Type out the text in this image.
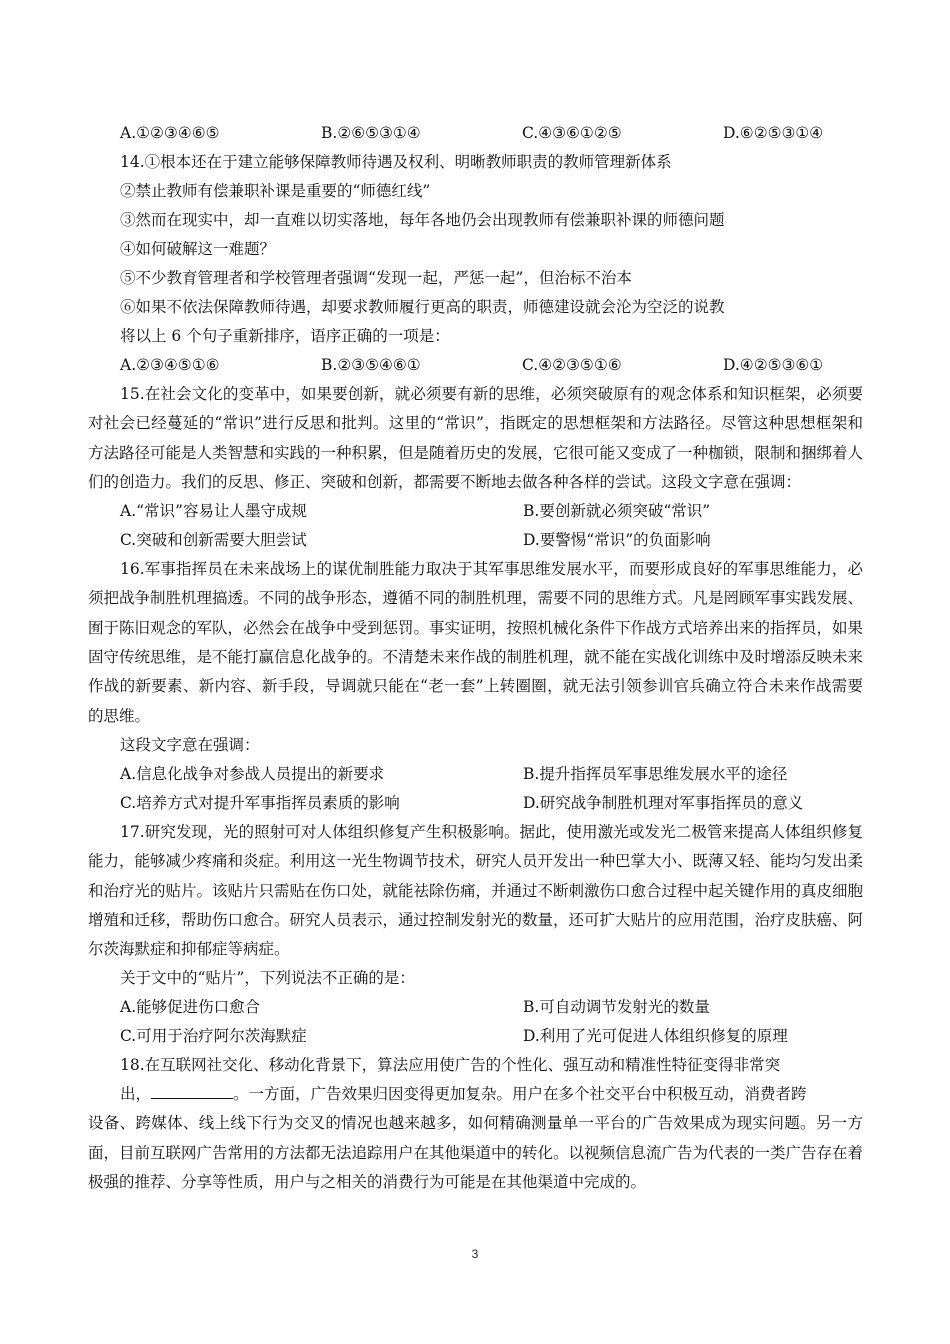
A.①②③④⑥⑤	B.②⑥⑤③①④	C.④③⑥①②⑤	D.⑥②⑤③①④
14.①根本还在于建立能够保障教师待遇及权利、明晰教师职责的教师管理新体系
②禁止教师有偿兼职补课是重要的“师德红线”
③然而在现实中，却一直难以切实落地，每年各地仍会出现教师有偿兼职补课的师德问题
④如何破解这一难题？
⑤不少教育管理者和学校管理者强调“发现一起，严惩一起”，但治标不治本
⑥如果不依法保障教师待遇，却要求教师履行更高的职责，师德建设就会沦为空泛的说教
将以上 6 个句子重新排序，语序正确的一项是：
A.②③④⑤①⑥	B.②③⑤④⑥①	C.④②③⑤①⑥	D.④②⑤③⑥①
15.在社会文化的变革中，如果要创新，就必须要有新的思维，必须突破原有的观念体系和知识框架，必须要对社会已经蔓延的“常识”进行反思和批判。这里的“常识”，指既定的思想框架和方法路径。尽管这种思想框架和方法路径可能是人类智慧和实践的一种积累，但是随着历史的发展，它很可能又变成了一种枷锁，限制和捆绑着人们的创造力。我们的反思、修正、突破和创新，都需要不断地去做各种各样的尝试。这段文字意在强调：
A.“常识”容易让人墨守成规	B.要创新就必须突破“常识”
C.突破和创新需要大胆尝试	D.要警惕“常识”的负面影响
16.军事指挥员在未来战场上的谋优制胜能力取决于其军事思维发展水平，而要形成良好的军事思维能力，必须把战争制胜机理搞透。不同的战争形态，遵循不同的制胜机理，需要不同的思维方式。凡是罔顾军事实践发展、囿于陈旧观念的军队，必然会在战争中受到惩罚。事实证明，按照机械化条件下作战方式培养出来的指挥员，如果固守传统思维，是不能打赢信息化战争的。不清楚未来作战的制胜机理，就不能在实战化训练中及时增添反映未来作战的新要素、新内容、新手段，导调就只能在“老一套”上转圈圈，就无法引领参训官兵确立符合未来作战需要的思维。
这段文字意在强调：
A.信息化战争对参战人员提出的新要求	B.提升指挥员军事思维发展水平的途径
C.培养方式对提升军事指挥员素质的影响	D.研究战争制胜机理对军事指挥员的意义
17.研究发现，光的照射可对人体组织修复产生积极影响。据此，使用激光或发光二极管来提高人体组织修复能力，能够减少疼痛和炎症。利用这一光生物调节技术，研究人员开发出一种巴掌大小、既薄又轻、能均匀发出柔和治疗光的贴片。该贴片只需贴在伤口处，就能祛除伤痛，并通过不断刺激伤口愈合过程中起关键作用的真皮细胞增殖和迁移，帮助伤口愈合。研究人员表示，通过控制发射光的数量，还可扩大贴片的应用范围，治疗皮肤癌、阿尔茨海默症和抑郁症等病症。
关于文中的“贴片”，下列说法不正确的是：
A.能够促进伤口愈合	B.可自动调节发射光的数量
C.可用于治疗阿尔茨海默症	D.利用了光可促进人体组织修复的原理
18.在互联网社交化、移动化背景下，算法应用使广告的个性化、强互动和精准性特征变得非常突
出，	。一方面，广告效果归因变得更加复杂。用户在多个社交平台中积极互动，消费者跨
设备、跨媒体、线上线下行为交叉的情况也越来越多，如何精确测量单一平台的广告效果成为现实问题。另一方面，目前互联网广告常用的方法都无法追踪用户在其他渠道中的转化。以视频信息流广告为代表的一类广告存在着极强的推荐、分享等性质，用户与之相关的消费行为可能是在其他渠道中完成的。
3
